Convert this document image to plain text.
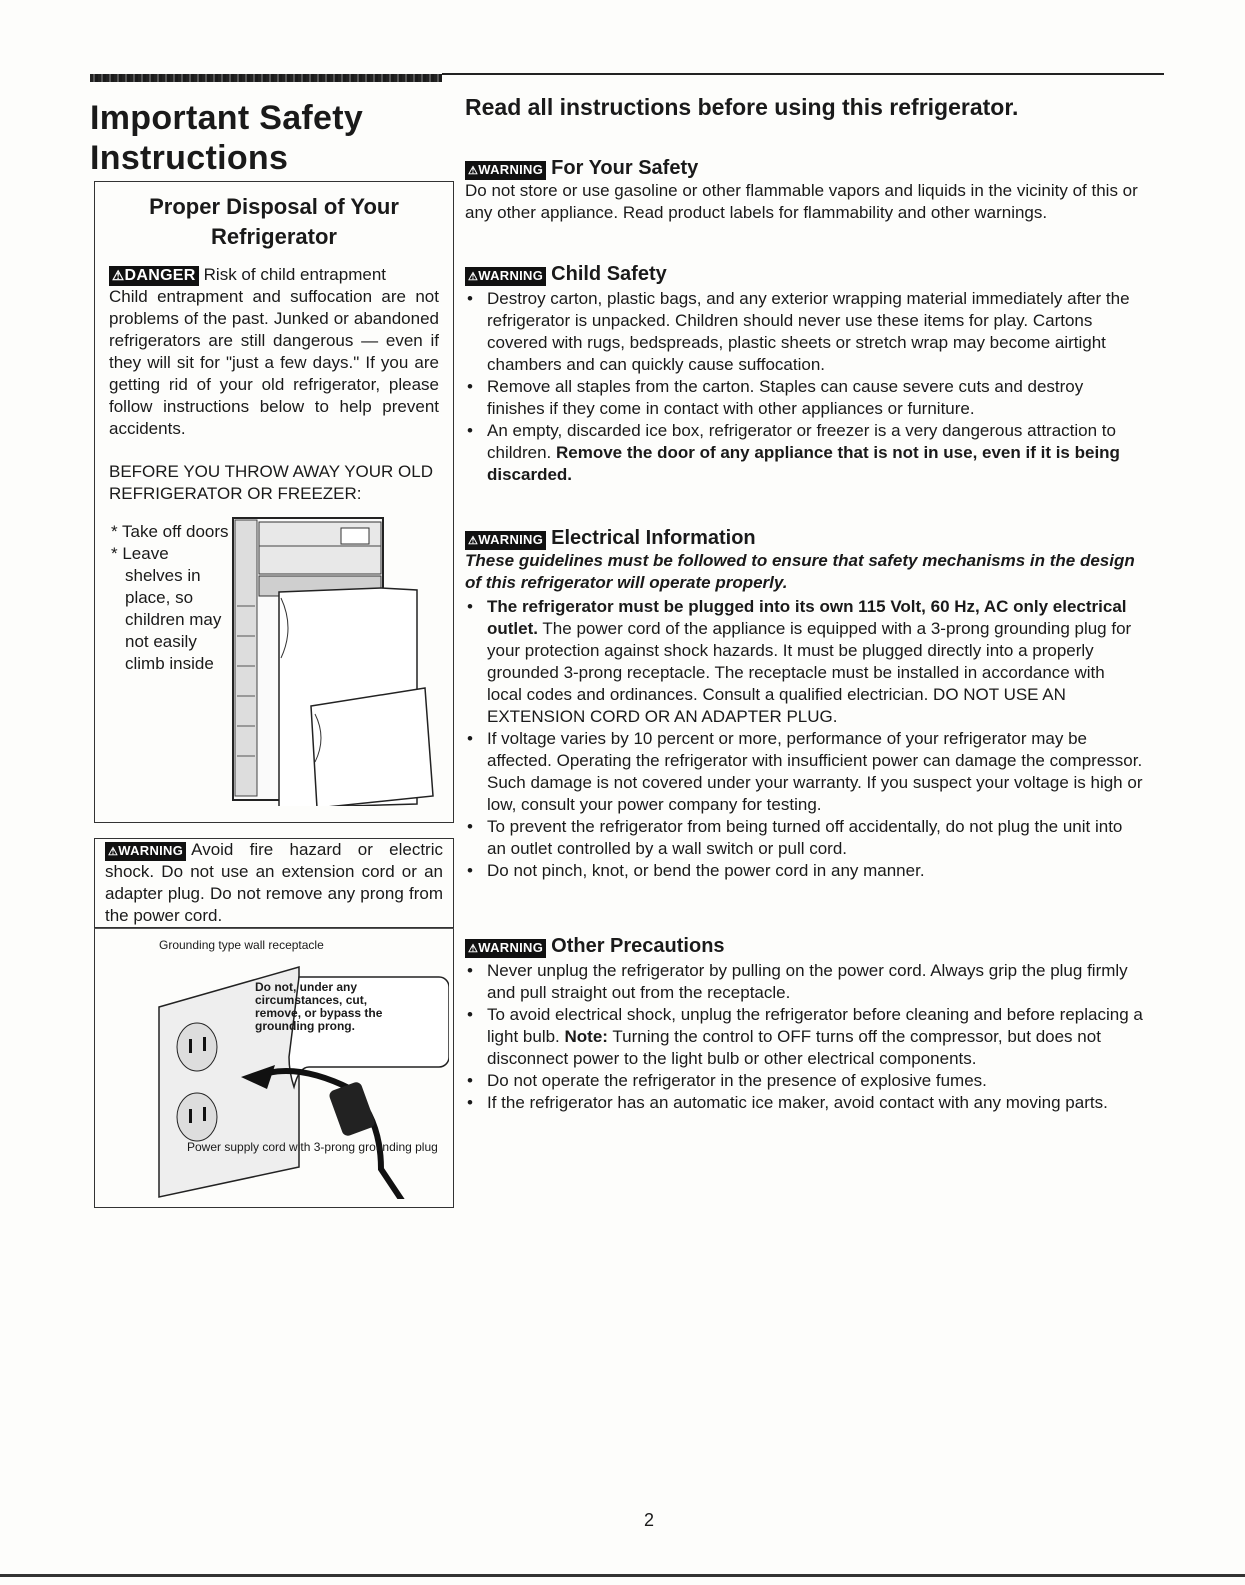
Important Safety Instructions
Proper Disposal of Your Refrigerator

⚠DANGER Risk of child entrapment
Child entrapment and suffocation are not problems of the past. Junked or abandoned refrigerators are still dangerous — even if they will sit for "just a few days." If you are getting rid of your old refrigerator, please follow instructions below to help prevent accidents.

BEFORE YOU THROW AWAY YOUR OLD REFRIGERATOR OR FREEZER:

* Take off doors
* Leave shelves in place, so children may not easily climb inside

⚠WARNING Avoid fire hazard or electric shock. Do not use an extension cord or an adapter plug. Do not remove any prong from the power cord.

Grounding type wall receptacle
Do not, under any circumstances, cut, remove, or bypass the grounding prong.
Power supply cord with 3-prong grounding plug
Read all instructions before using this refrigerator.
⚠WARNING For Your Safety

Do not store or use gasoline or other flammable vapors and liquids in the vicinity of this or any other appliance. Read product labels for flammability and other warnings.

⚠WARNING Child Safety
• Destroy carton, plastic bags, and any exterior wrapping material immediately after the refrigerator is unpacked. Children should never use these items for play. Cartons covered with rugs, bedspreads, plastic sheets or stretch wrap may become airtight chambers and can quickly cause suffocation.
• Remove all staples from the carton. Staples can cause severe cuts and destroy finishes if they come in contact with other appliances or furniture.
• An empty, discarded ice box, refrigerator or freezer is a very dangerous attraction to children. Remove the door of any appliance that is not in use, even if it is being discarded.
⚠WARNING Electrical Information

These guidelines must be followed to ensure that safety mechanisms in the design of this refrigerator will operate properly.

• The refrigerator must be plugged into its own 115 Volt, 60 Hz, AC only electrical outlet. The power cord of the appliance is equipped with a 3-prong grounding plug for your protection against shock hazards. It must be plugged directly into a properly grounded 3-prong receptacle. The receptacle must be installed in accordance with local codes and ordinances. Consult a qualified electrician. DO NOT USE AN EXTENSION CORD OR AN ADAPTER PLUG.
• If voltage varies by 10 percent or more, performance of your refrigerator may be affected. Operating the refrigerator with insufficient power can damage the compressor. Such damage is not covered under your warranty. If you suspect your voltage is high or low, consult your power company for testing.
• To prevent the refrigerator from being turned off accidentally, do not plug the unit into an outlet controlled by a wall switch or pull cord.
• Do not pinch, knot, or bend the power cord in any manner.
⚠WARNING Other Precautions
• Never unplug the refrigerator by pulling on the power cord. Always grip the plug firmly and pull straight out from the receptacle.
• To avoid electrical shock, unplug the refrigerator before cleaning and before replacing a light bulb. Note: Turning the control to OFF turns off the compressor, but does not disconnect power to the light bulb or other electrical components.
• Do not operate the refrigerator in the presence of explosive fumes.
• If the refrigerator has an automatic ice maker, avoid contact with any moving parts.
2
